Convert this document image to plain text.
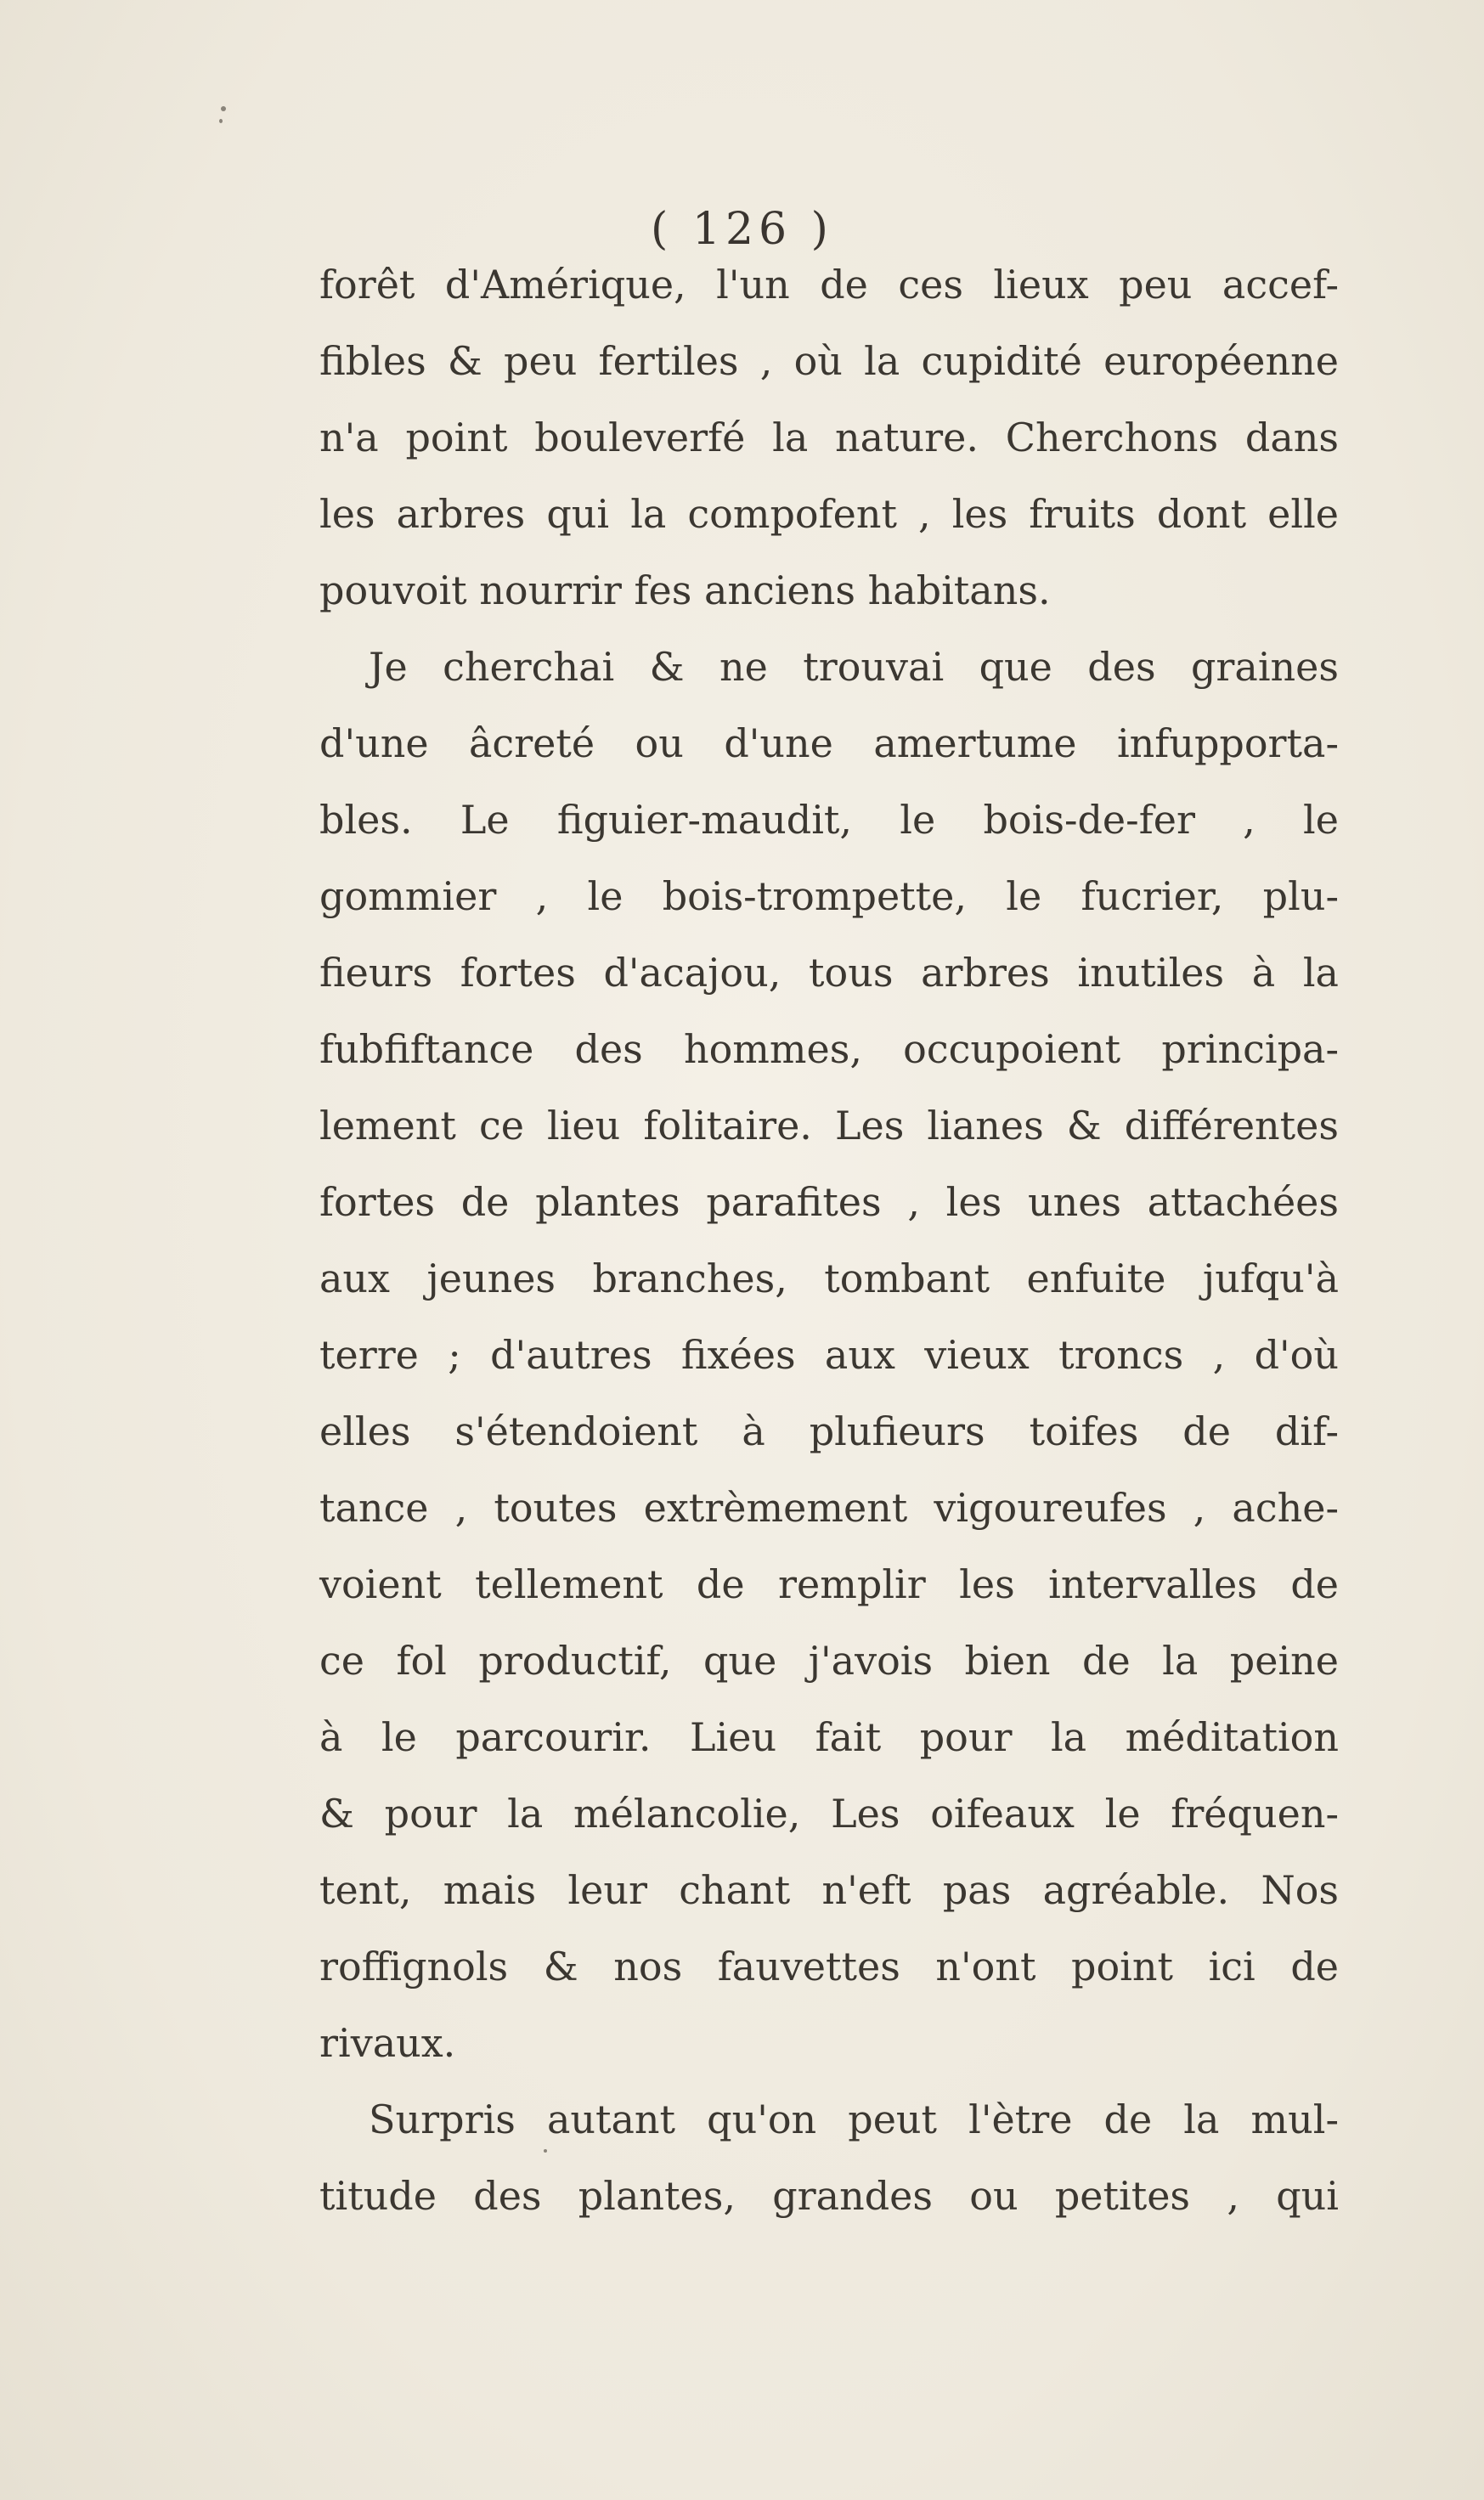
( 126 )
forêt d'Amérique, l'un de ces lieux peu accef-
fibles & peu fertiles , où la cupidité européenne
n'a point bouleverfé la nature. Cherchons dans
les arbres qui la compofent , les fruits dont elle
pouvoit nourrir fes anciens habitans.
Je cherchai & ne trouvai que des graines
d'une âcreté ou d'une amertume infupporta-
bles. Le figuier-maudit, le bois-de-fer , le
gommier , le bois-trompette, le fucrier, plu-
fieurs fortes d'acajou, tous arbres inutiles à la
fubfiftance des hommes, occupoient principa-
lement ce lieu folitaire. Les lianes & différentes
fortes de plantes parafites , les unes attachées
aux jeunes branches, tombant enfuite jufqu'à
terre ; d'autres fixées aux vieux troncs , d'où
elles s'étendoient à plufieurs toifes de dif-
tance , toutes extrèmement vigoureufes , ache-
voient tellement de remplir les intervalles de
ce fol productif, que j'avois bien de la peine
à le parcourir. Lieu fait pour la méditation
& pour la mélancolie, Les oifeaux le fréquen-
tent, mais leur chant n'eft pas agréable. Nos
roffignols & nos fauvettes n'ont point ici de
rivaux.
Surpris autant qu'on peut l'ètre de la mul-
titude des plantes, grandes ou petites , qui
